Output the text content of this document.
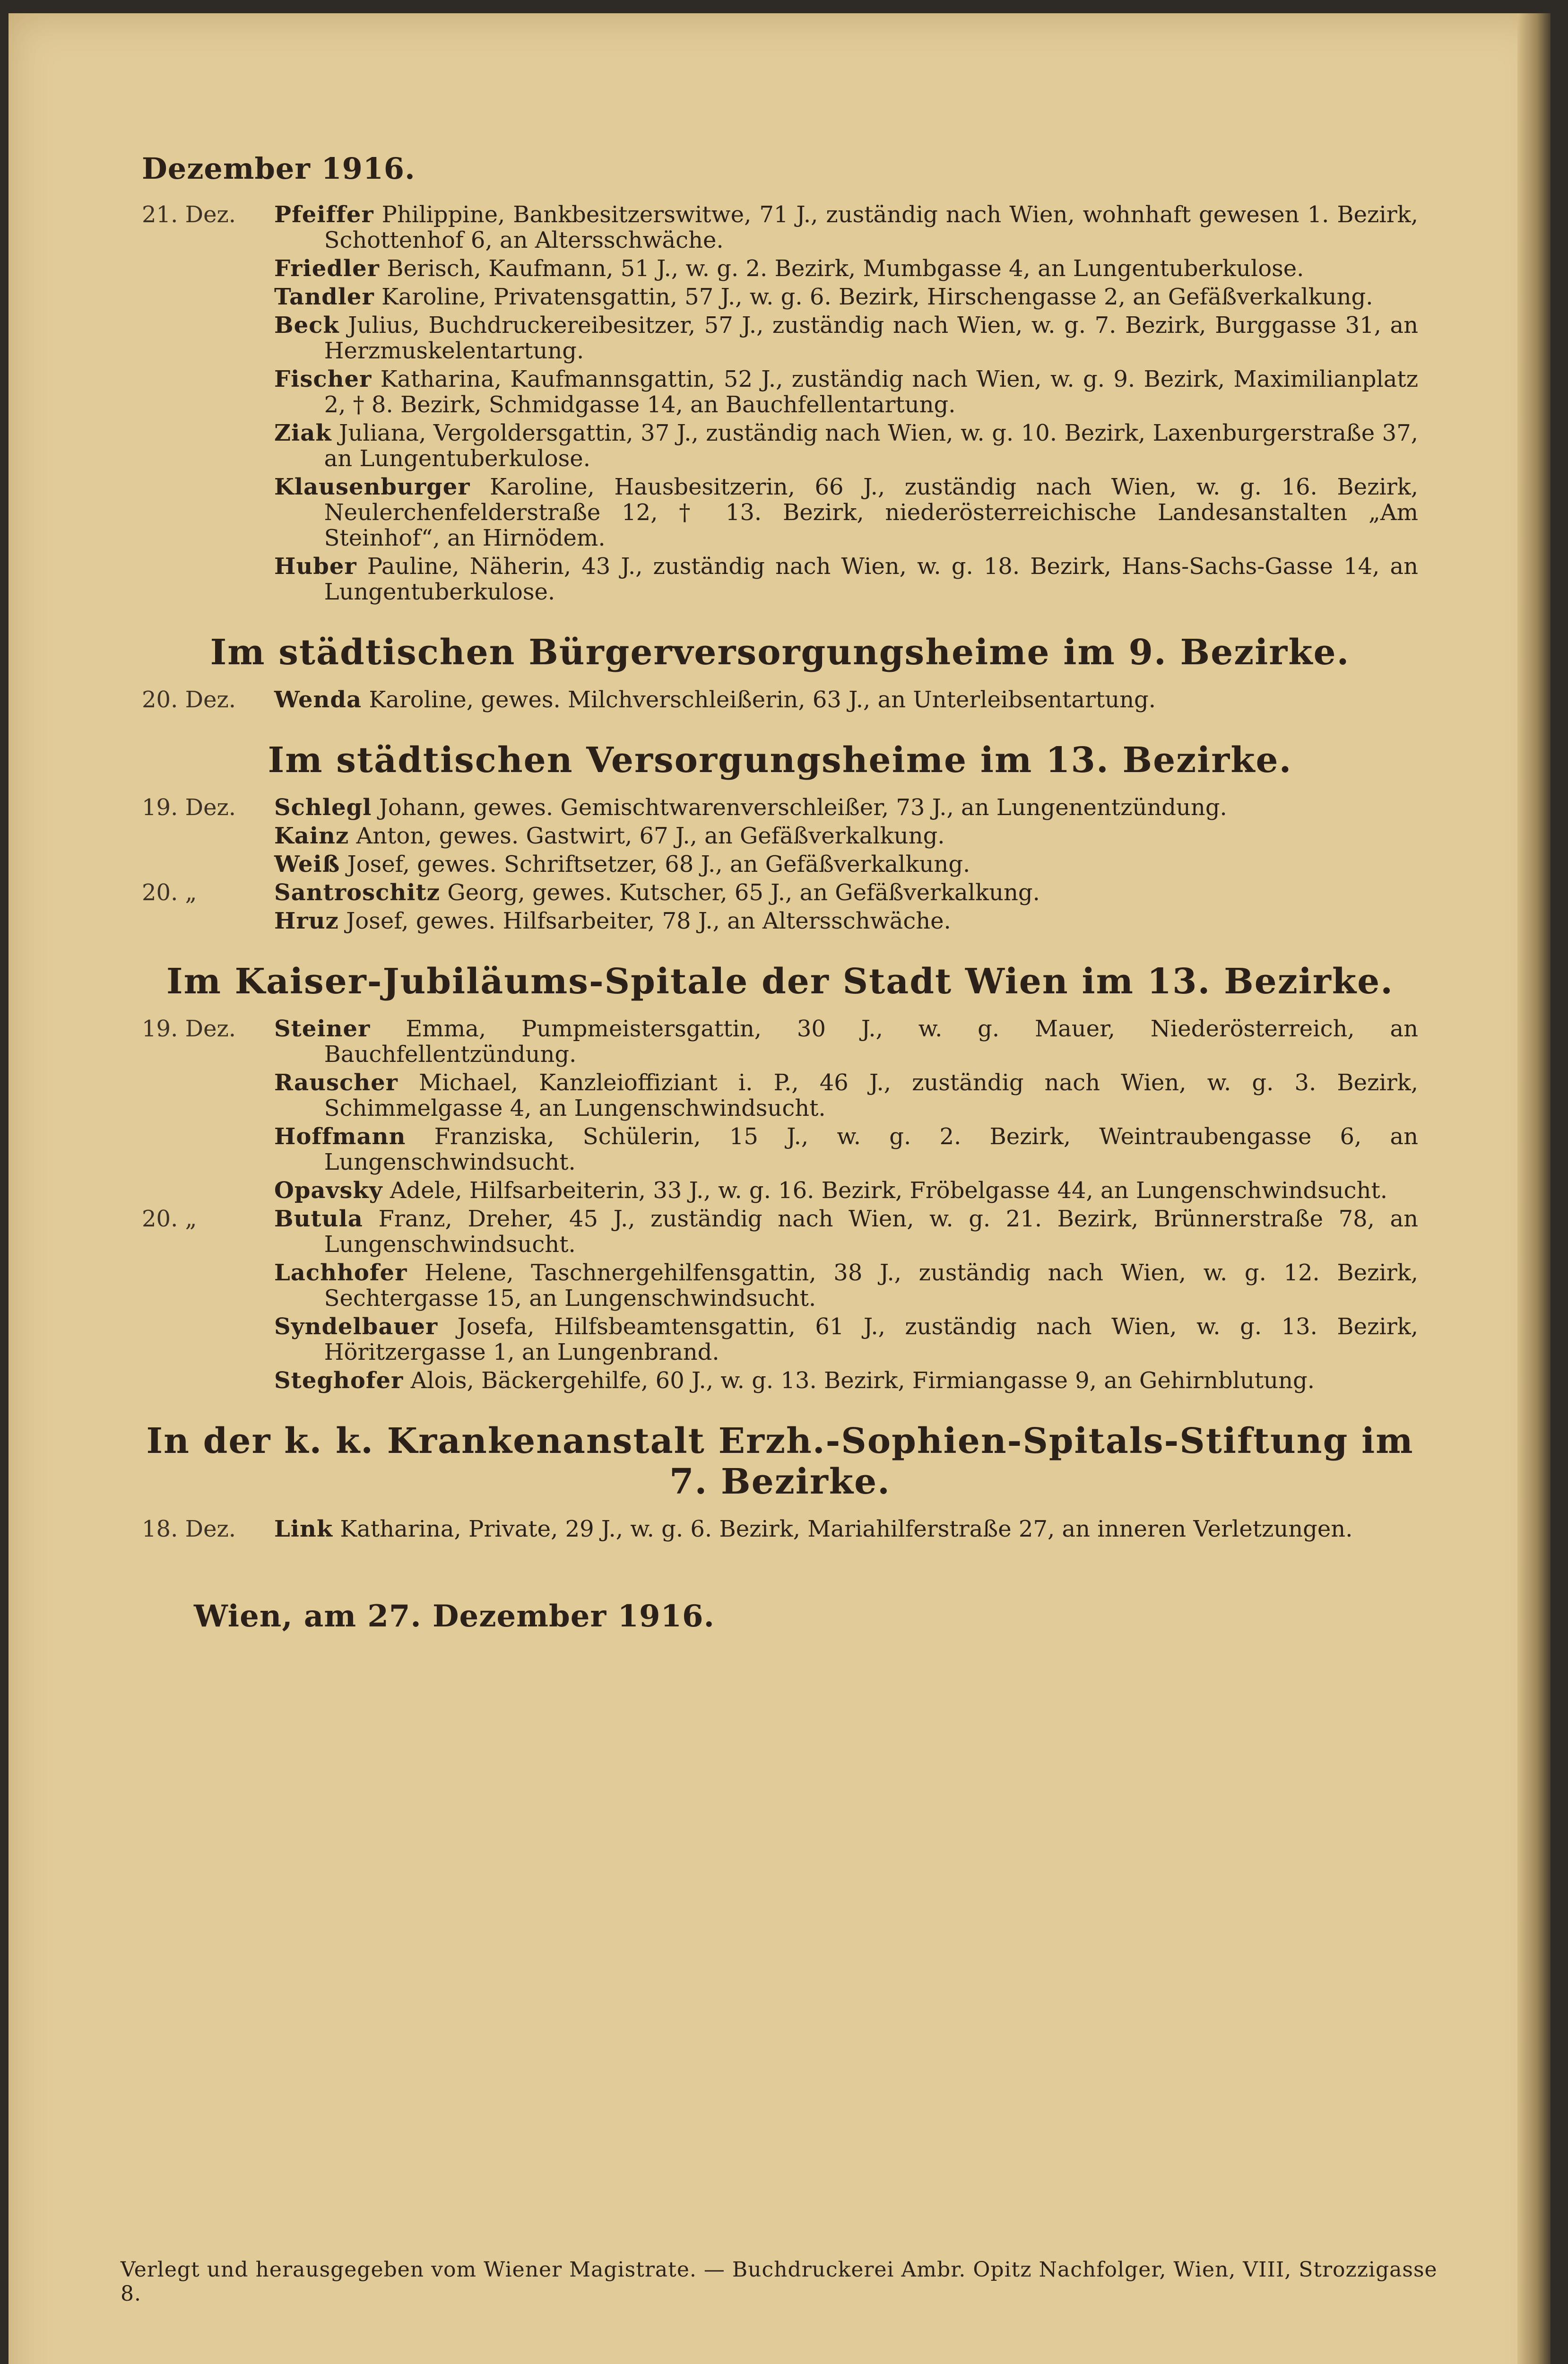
Dezember 1916.
21. Dez.	Pfeiffer Philippine, Bankbesitzerswitwe, 71 J., zuständig nach Wien, wohnhaft gewesen 1. Bezirk, Schottenhof 6, an Altersschwäche.
Friedler Berisch, Kaufmann, 51 J., w. g. 2. Bezirk, Mumbgasse 4, an Lungentuberkulose.
Tandler Karoline, Privatensgattin, 57 J., w. g. 6. Bezirk, Hirschengasse 2, an Gefäßverkalkung.
Beck Julius, Buchdruckereibesitzer, 57 J., zuständig nach Wien, w. g. 7. Bezirk, Burggasse 31, an Herzmuskelentartung.
Fischer Katharina, Kaufmannsgattin, 52 J., zuständig nach Wien, w. g. 9. Bezirk, Maximilianplatz 2, † 8. Bezirk, Schmidgasse 14, an Bauchfellentartung.
Ziak Juliana, Vergoldersgattin, 37 J., zuständig nach Wien, w. g. 10. Bezirk, Laxenburgerstraße 37, an Lungentuberkulose.
Klausenburger Karoline, Hausbesitzerin, 66 J., zuständig nach Wien, w. g. 16. Bezirk, Neulerchenfelderstraße 12, † 13. Bezirk, niederösterreichische Landesanstalten „Am Steinhof“, an Hirnödem.
Huber Pauline, Näherin, 43 J., zuständig nach Wien, w. g. 18. Bezirk, Hans-Sachs-Gasse 14, an Lungentuberkulose.
Im städtischen Bürgerversorgungsheime im 9. Bezirke.
20. Dez.	Wenda Karoline, gewes. Milchverschleißerin, 63 J., an Unterleibsentartung.
Im städtischen Versorgungsheime im 13. Bezirke.
19. Dez.	Schlegl Johann, gewes. Gemischtwarenverschleißer, 73 J., an Lungenentzündung.
Kainz Anton, gewes. Gastwirt, 67 J., an Gefäßverkalkung.
Weiß Josef, gewes. Schriftsetzer, 68 J., an Gefäßverkalkung.
20. „	Santroschitz Georg, gewes. Kutscher, 65 J., an Gefäßverkalkung.
Hruz Josef, gewes. Hilfsarbeiter, 78 J., an Altersschwäche.
Im Kaiser-Jubiläums-Spitale der Stadt Wien im 13. Bezirke.
19. Dez.	Steiner Emma, Pumpmeistersgattin, 30 J., w. g. Mauer, Niederösterreich, an Bauchfellentzündung.
Rauscher Michael, Kanzleioffiziant i. P., 46 J., zuständig nach Wien, w. g. 3. Bezirk, Schimmelgasse 4, an Lungenschwindsucht.
Hoffmann Franziska, Schülerin, 15 J., w. g. 2. Bezirk, Weintraubengasse 6, an Lungenschwindsucht.
Opavsky Adele, Hilfsarbeiterin, 33 J., w. g. 16. Bezirk, Fröbelgasse 44, an Lungenschwindsucht.
20. „	Butula Franz, Dreher, 45 J., zuständig nach Wien, w. g. 21. Bezirk, Brünnerstraße 78, an Lungenschwindsucht.
Lachhofer Helene, Taschnergehilfensgattin, 38 J., zuständig nach Wien, w. g. 12. Bezirk, Sechtergasse 15, an Lungenschwindsucht.
Syndelbauer Josefa, Hilfsbeamtensgattin, 61 J., zuständig nach Wien, w. g. 13. Bezirk, Höritzergasse 1, an Lungenbrand.
Steghofer Alois, Bäckergehilfe, 60 J., w. g. 13. Bezirk, Firmiangasse 9, an Gehirnblutung.
In der k. k. Krankenanstalt Erzh.-Sophien-Spitals-Stiftung im 7. Bezirke.
18. Dez.	Link Katharina, Private, 29 J., w. g. 6. Bezirk, Mariahilferstraße 27, an inneren Verletzungen.
Wien, am 27. Dezember 1916.
Verlegt und herausgegeben vom Wiener Magistrate. — Buchdruckerei Ambr. Opitz Nachfolger, Wien, VIII, Strozzigasse 8.
